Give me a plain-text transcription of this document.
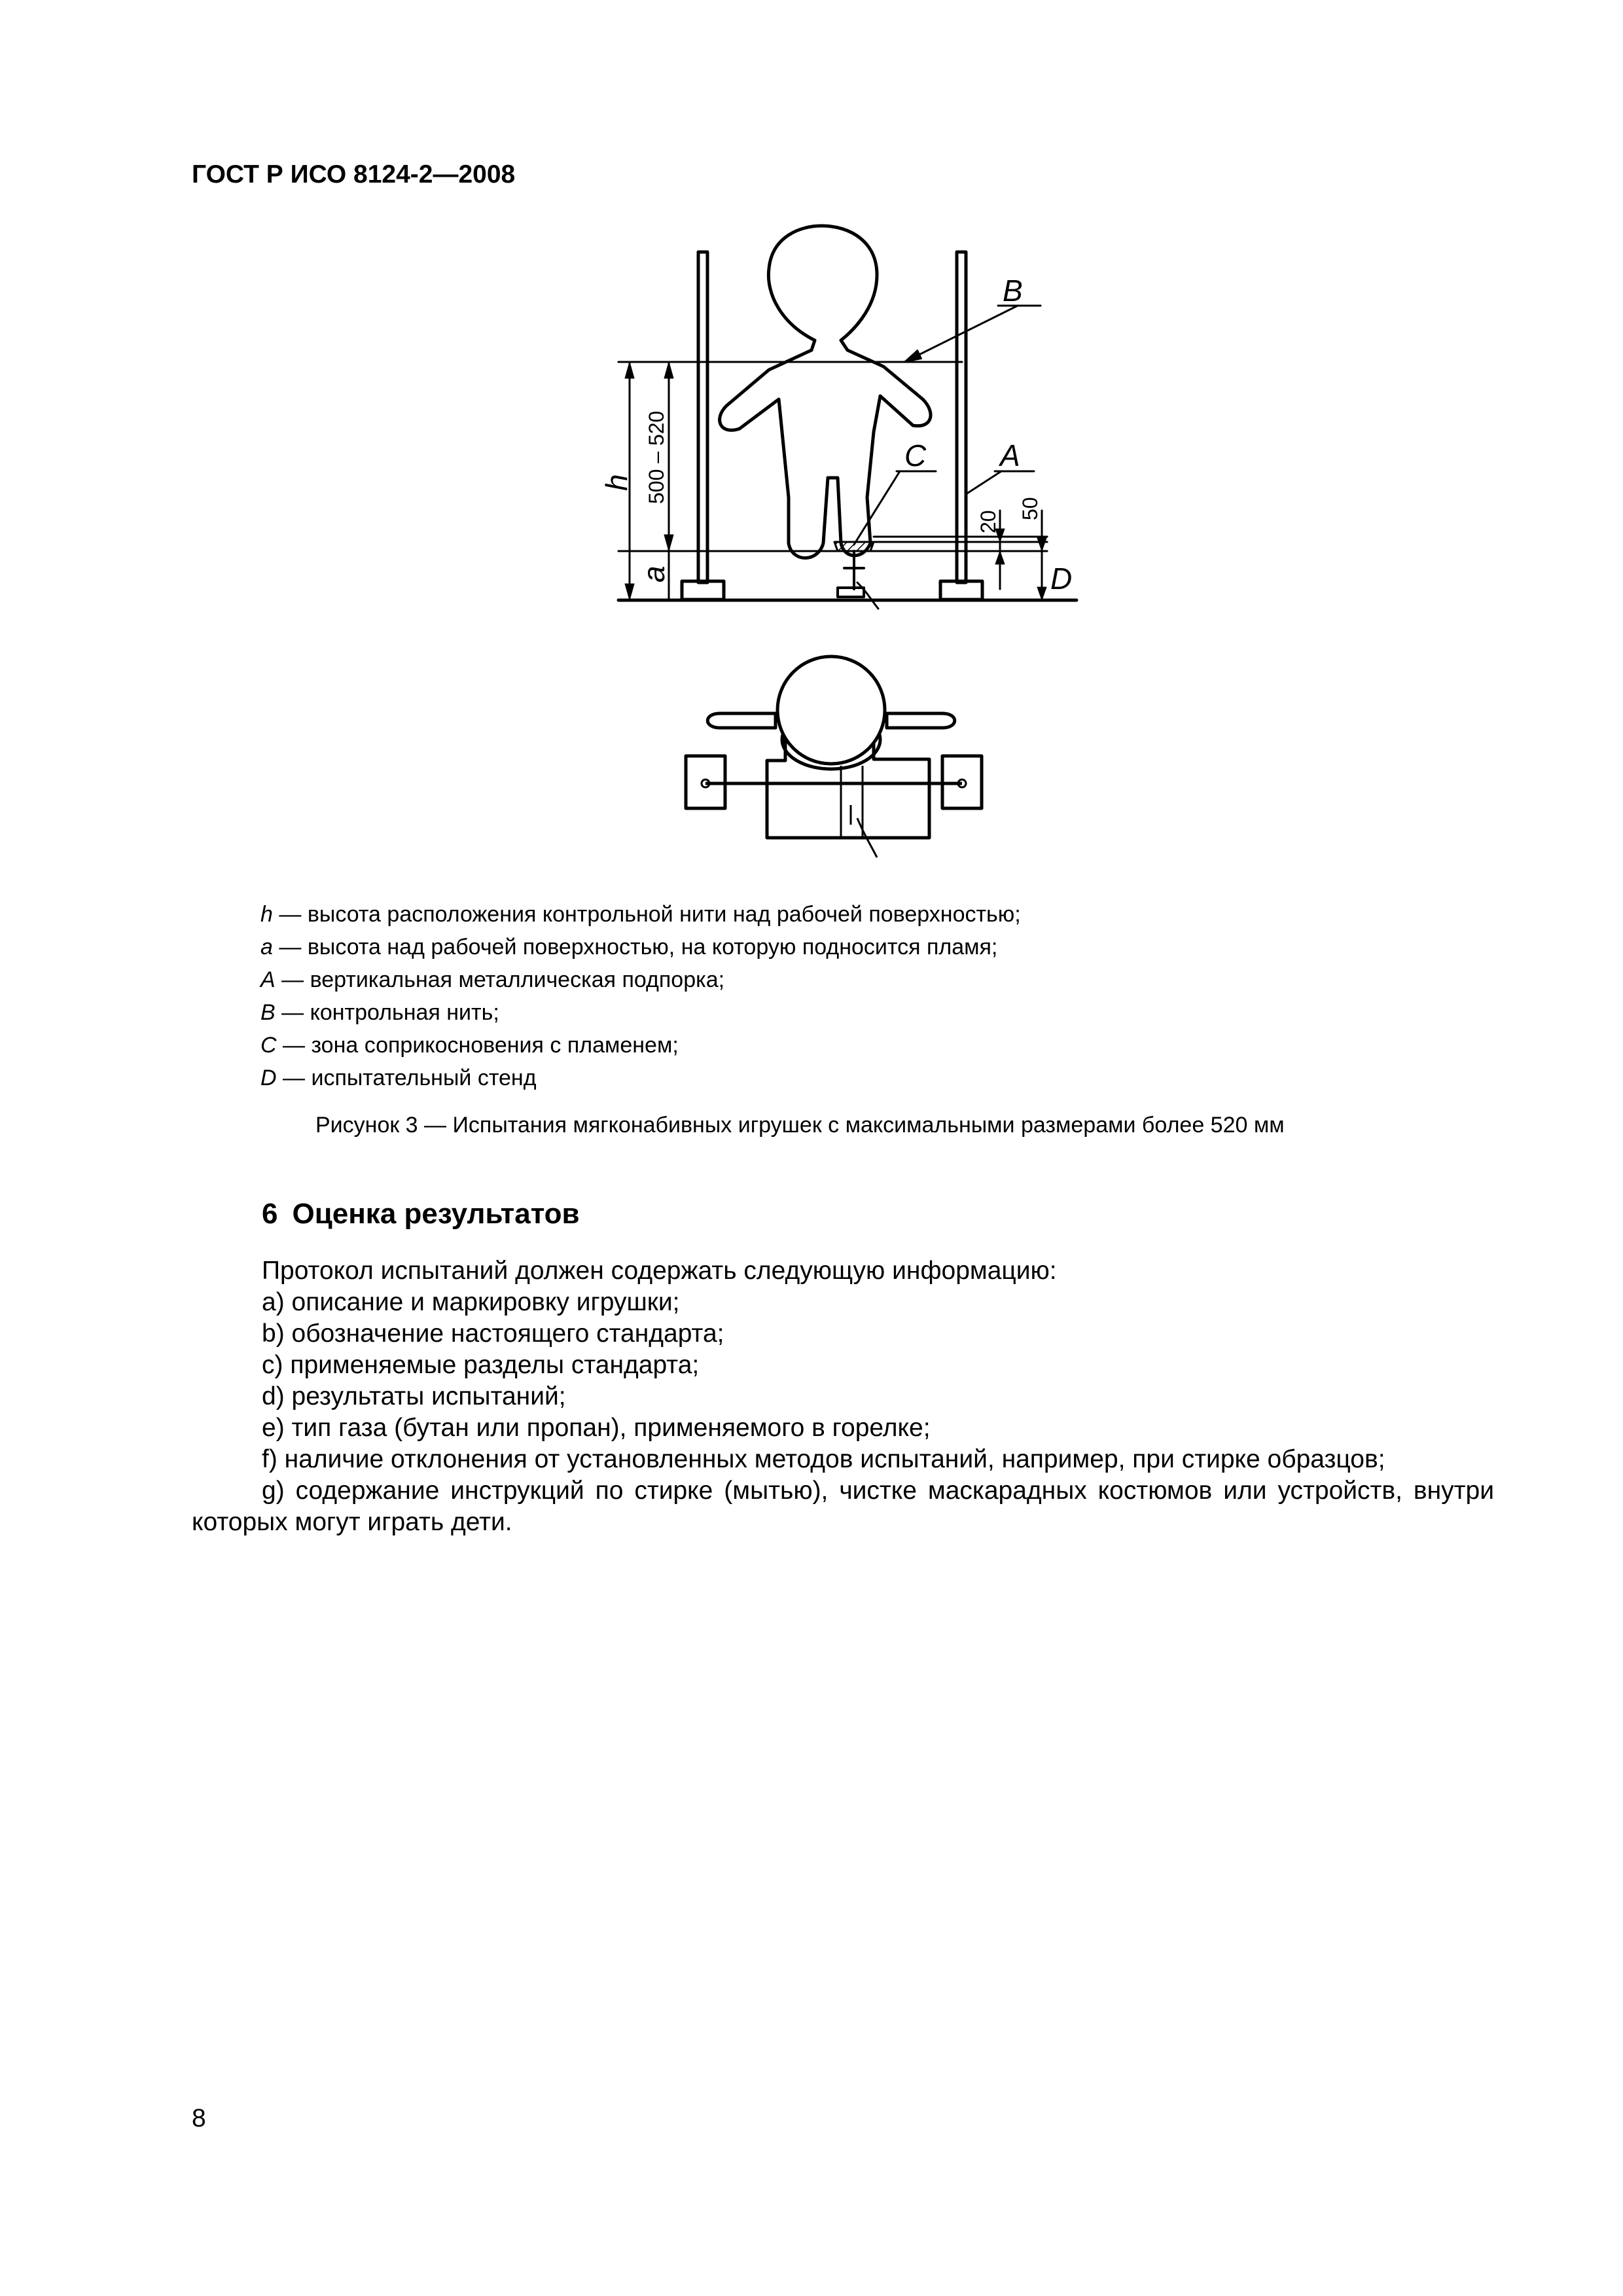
ГОСТ Р ИСО 8124-2—2008
B
A
C
D
h
a
500 – 520
20
50
h — высота расположения контрольной нити над рабочей поверхностью;
a — высота над рабочей поверхностью, на которую подносится пламя;
A — вертикальная металлическая подпорка;
B — контрольная нить;
C — зона соприкосновения с пламенем;
D — испытательный стенд
Рисунок 3 — Испытания мягконабивных игрушек с максимальными размерами более 520 мм
6 Оценка результатов

Протокол испытаний должен содержать следующую информацию:

a) описание и маркировку игрушки;

b) обозначение настоящего стандарта;

c) применяемые разделы стандарта;

d) результаты испытаний;

e) тип газа (бутан или пропан), применяемого в горелке;

f) наличие отклонения от установленных методов испытаний, например, при стирке образцов;

g) содержание инструкций по стирке (мытью), чистке маскарадных костюмов или устройств, внутри которых могут играть дети.

8
